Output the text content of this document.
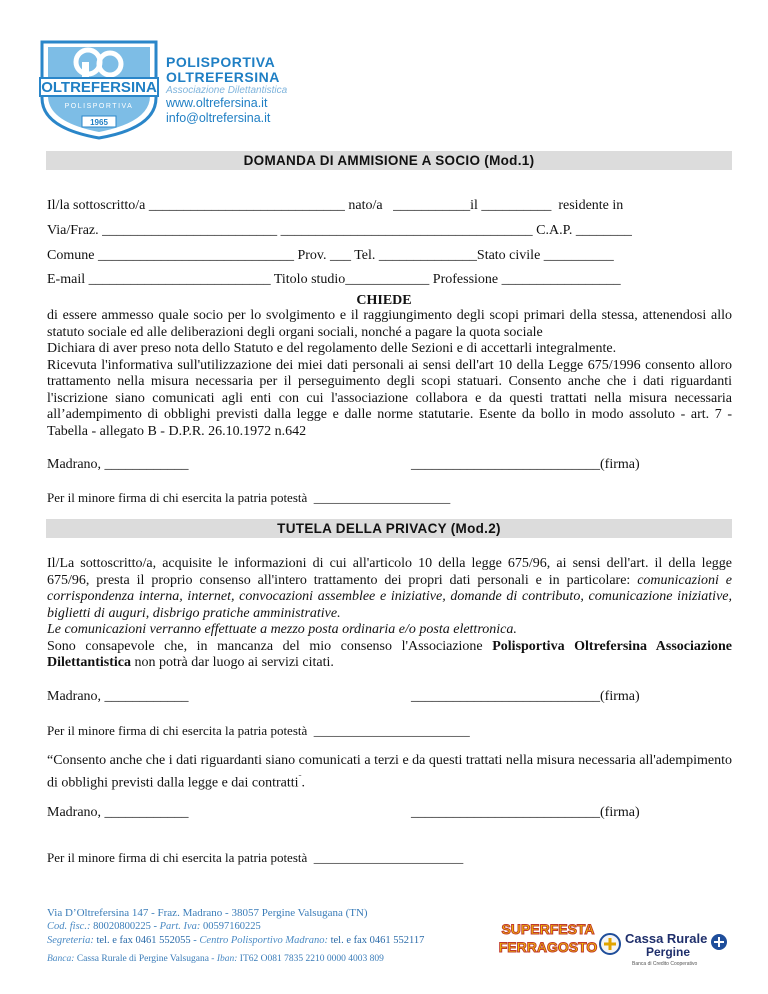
OLTREFERSINA
POLISPORTIVA
1965
POLISPORTIVA
OLTREFERSINA
Associazione Dilettantistica
www.oltrefersina.it
info@oltrefersina.it
DOMANDA DI AMMISIONE A SOCIO (Mod.1)
Il/la sottoscritto/a ____________________________ nato/a   ___________il __________  residente in
Via/Fraz. _________________________ ____________________________________ C.A.P. ________
Comune ____________________________ Prov. ___ Tel. ______________Stato civile __________
E-mail __________________________ Titolo studio____________ Professione _________________
CHIEDE

di essere ammesso quale socio per lo svolgimento e il raggiungimento degli scopi primari della stessa, attenendosi allo statuto sociale ed alle deliberazioni degli organi sociali, nonché a pagare la quota sociale

Dichiara di aver preso nota dello Statuto e del regolamento delle Sezioni e di accettarli integralmente.

Ricevuta l'informativa sull'utilizzazione dei miei dati personali ai sensi dell'art 10 della Legge 675/1996 consento alloro trattamento nella misura necessaria per il perseguimento degli scopi statuari. Consento anche che i dati riguardanti l'iscrizione siano comunicati agli enti con cui l'associazione collabora e da questi trattati nella misura necessaria all’adempimento di obblighi previsti dalla legge e dalle norme statutarie. Esente da bollo in modo assoluto - art. 7 - Tabella - allegato B - D.P.R. 26.10.1972 n.642

Madrano, ____________	___________________________(firma)
Per il minore firma di chi esercita la patria potestà  _____________________
TUTELA DELLA PRIVACY (Mod.2)

Il/La sottoscritto/a, acquisite le informazioni di cui all'articolo 10 della legge 675/96, ai sensi dell'art. il della legge 675/96, presta il proprio consenso all'intero trattamento dei propri dati personali e in particolare: comunicazioni e corrispondenza interna, internet, convocazioni assemblee e iniziative, domande di contributo, comunicazione iniziative, biglietti di auguri, disbrigo pratiche amministrative.

Le comunicazioni verranno effettuate a mezzo posta ordinaria e/o posta elettronica.

Sono consapevole che, in mancanza del mio consenso l'Associazione Polisportiva Oltrefersina Associazione Dilettantistica non potrà dar luogo ai servizi citati.

Madrano, ____________	___________________________(firma)
Per il minore firma di chi esercita la patria potestà  ________________________

“Consento anche che i dati riguardanti siano comunicati a terzi e da questi trattati nella misura necessaria all'adempimento di obblighi previsti dalla legge e dai contratti¨.

Madrano, ____________	___________________________(firma)
Per il minore firma di chi esercita la patria potestà  _______________________
Via D’Oltrefersina 147 - Fraz. Madrano - 38057 Pergine Valsugana (TN)
Cod. fisc.: 80020800225 - Part. Iva: 00597160225
Segreteria: tel. e fax 0461 552055 - Centro Polisportivo Madrano: tel. e fax 0461 552117
Banca: Cassa Rurale di Pergine Valsugana - Iban: IT62 O081 7835 2210 0000 4003 809
SUPERFESTA
FERRAGOSTO
Cassa Rurale
Pergine
Banca di Credito Cooperativo
